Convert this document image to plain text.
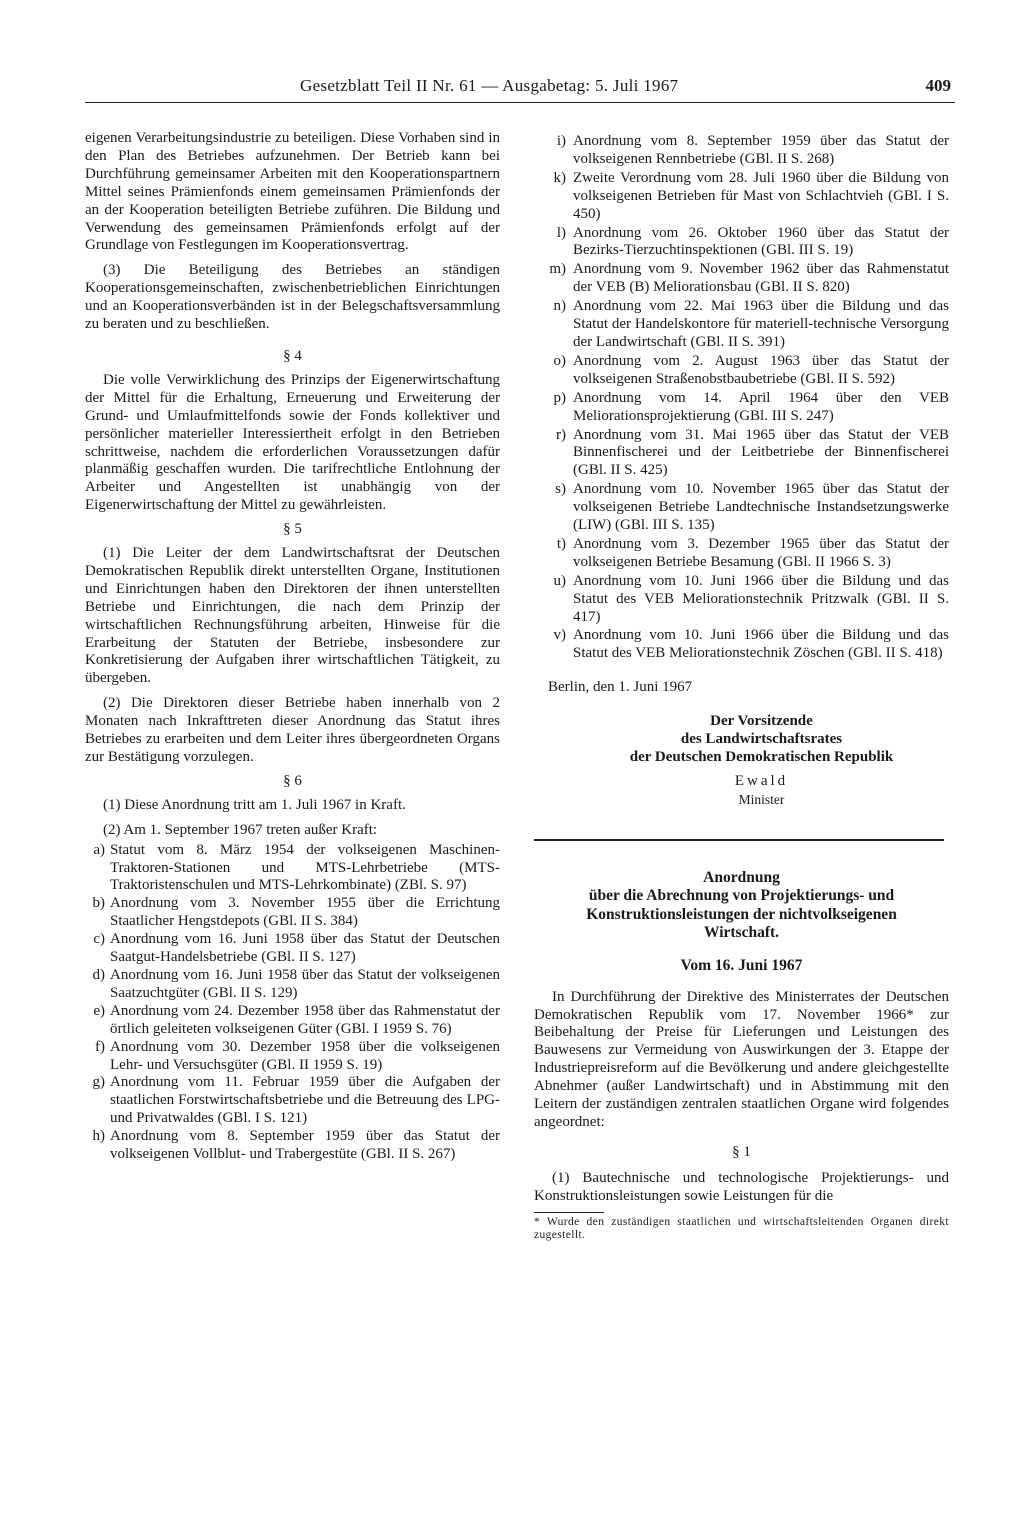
Gesetzblatt Teil II Nr. 61 — Ausgabetag: 5. Juli 1967	409

eigenen Verarbeitungsindustrie zu beteiligen. Diese Vorhaben sind in den Plan des Betriebes aufzunehmen. Der Betrieb kann bei Durchführung gemeinsamer Arbeiten mit den Kooperationspartnern Mittel seines Prämienfonds einem gemeinsamen Prämienfonds der an der Kooperation beteiligten Betriebe zuführen. Die Bildung und Verwendung des gemeinsamen Prämienfonds erfolgt auf der Grundlage von Festlegungen im Kooperationsvertrag.

(3) Die Beteiligung des Betriebes an ständigen Kooperationsgemeinschaften, zwischenbetrieblichen Einrichtungen und an Kooperationsverbänden ist in der Belegschaftsversammlung zu beraten und zu beschließen.

§ 4

Die volle Verwirklichung des Prinzips der Eigenerwirtschaftung der Mittel für die Erhaltung, Erneuerung und Erweiterung der Grund- und Umlaufmittelfonds sowie der Fonds kollektiver und persönlicher materieller Interessiertheit erfolgt in den Betrieben schrittweise, nachdem die erforderlichen Voraussetzungen dafür planmäßig geschaffen wurden. Die tarifrechtliche Entlohnung der Arbeiter und Angestellten ist unabhängig von der Eigenerwirtschaftung der Mittel zu gewährleisten.

§ 5

(1) Die Leiter der dem Landwirtschaftsrat der Deutschen Demokratischen Republik direkt unterstellten Organe, Institutionen und Einrichtungen haben den Direktoren der ihnen unterstellten Betriebe und Einrichtungen, die nach dem Prinzip der wirtschaftlichen Rechnungsführung arbeiten, Hinweise für die Erarbeitung der Statuten der Betriebe, insbesondere zur Konkretisierung der Aufgaben ihrer wirtschaftlichen Tätigkeit, zu übergeben.

(2) Die Direktoren dieser Betriebe haben innerhalb von 2 Monaten nach Inkrafttreten dieser Anordnung das Statut ihres Betriebes zu erarbeiten und dem Leiter ihres übergeordneten Organs zur Bestätigung vorzulegen.

§ 6

(1) Diese Anordnung tritt am 1. Juli 1967 in Kraft.

(2) Am 1. September 1967 treten außer Kraft:

a) Statut vom 8. März 1954 der volkseigenen Maschinen-Traktoren-Stationen und MTS-Lehrbetriebe (MTS-Traktoristenschulen und MTS-Lehrkombinate) (ZBl. S. 97)
b) Anordnung vom 3. November 1955 über die Errichtung Staatlicher Hengstdepots (GBl. II S. 384)
c) Anordnung vom 16. Juni 1958 über das Statut der Deutschen Saatgut-Handelsbetriebe (GBl. II S. 127)
d) Anordnung vom 16. Juni 1958 über das Statut der volkseigenen Saatzuchtgüter (GBl. II S. 129)
e) Anordnung vom 24. Dezember 1958 über das Rahmenstatut der örtlich geleiteten volkseigenen Güter (GBl. I 1959 S. 76)
f) Anordnung vom 30. Dezember 1958 über die volkseigenen Lehr- und Versuchsgüter (GBl. II 1959 S. 19)
g) Anordnung vom 11. Februar 1959 über die Aufgaben der staatlichen Forstwirtschaftsbetriebe und die Betreuung des LPG- und Privatwaldes (GBl. I S. 121)
h) Anordnung vom 8. September 1959 über das Statut der volkseigenen Vollblut- und Trabergestüte (GBl. II S. 267)
i) Anordnung vom 8. September 1959 über das Statut der volkseigenen Rennbetriebe (GBl. II S. 268)
k) Zweite Verordnung vom 28. Juli 1960 über die Bildung von volkseigenen Betrieben für Mast von Schlachtvieh (GBl. I S. 450)
l) Anordnung vom 26. Oktober 1960 über das Statut der Bezirks-Tierzuchtinspektionen (GBl. III S. 19)
m) Anordnung vom 9. November 1962 über das Rahmenstatut der VEB (B) Meliorationsbau (GBl. II S. 820)
n) Anordnung vom 22. Mai 1963 über die Bildung und das Statut der Handelskontore für materiell-technische Versorgung der Landwirtschaft (GBl. II S. 391)
o) Anordnung vom 2. August 1963 über das Statut der volkseigenen Straßenobstbaubetriebe (GBl. II S. 592)
p) Anordnung vom 14. April 1964 über den VEB Meliorationsprojektierung (GBl. III S. 247)
r) Anordnung vom 31. Mai 1965 über das Statut der VEB Binnenfischerei und der Leitbetriebe der Binnenfischerei (GBl. II S. 425)
s) Anordnung vom 10. November 1965 über das Statut der volkseigenen Betriebe Landtechnische Instandsetzungswerke (LIW) (GBl. III S. 135)
t) Anordnung vom 3. Dezember 1965 über das Statut der volkseigenen Betriebe Besamung (GBl. II 1966 S. 3)
u) Anordnung vom 10. Juni 1966 über die Bildung und das Statut des VEB Meliorationstechnik Pritzwalk (GBl. II S. 417)
v) Anordnung vom 10. Juni 1966 über die Bildung und das Statut des VEB Meliorationstechnik Zöschen (GBl. II S. 418)

Berlin, den 1. Juni 1967

Der Vorsitzende
des Landwirtschaftsrates
der Deutschen Demokratischen Republik
Ewald
Minister
Anordnung
über die Abrechnung von Projektierungs- und
Konstruktionsleistungen der nichtvolkseigenen
Wirtschaft.
Vom 16. Juni 1967

In Durchführung der Direktive des Ministerrates der Deutschen Demokratischen Republik vom 17. November 1966* zur Beibehaltung der Preise für Lieferungen und Leistungen des Bauwesens zur Vermeidung von Auswirkungen der 3. Etappe der Industriepreisreform auf die Bevölkerung und andere gleichgestellte Abnehmer (außer Landwirtschaft) und in Abstimmung mit den Leitern der zuständigen zentralen staatlichen Organe wird folgendes angeordnet:

§ 1

(1) Bautechnische und technologische Projektierungs- und Konstruktionsleistungen sowie Leistungen für die

* Wurde den zuständigen staatlichen und wirtschaftsleitenden Organen direkt zugestellt.
